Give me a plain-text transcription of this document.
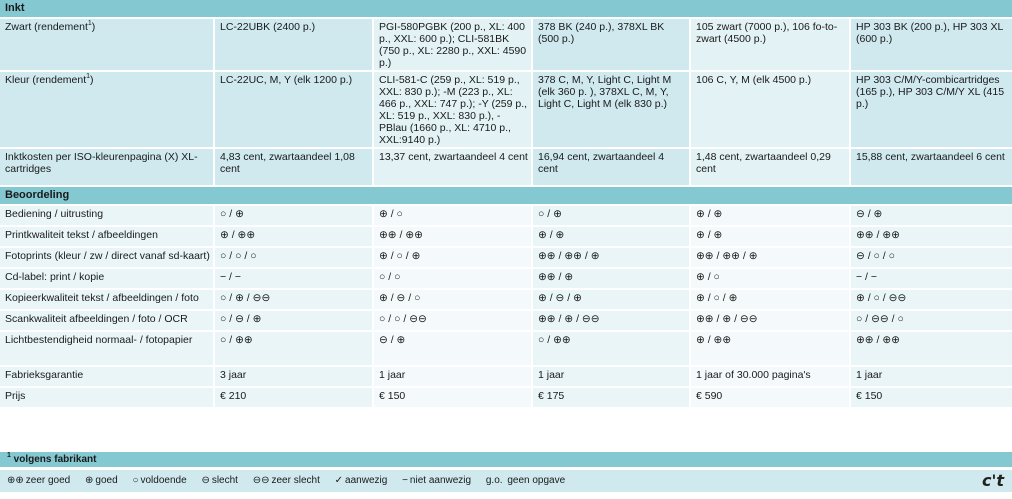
Inkt					
Zwart (rendement$^1$)	LC-22UBK (2400 p.)	PGI-580PGBK (200 p., XL: 400 p., XXL: 600 p.); CLI-581BK (750 p., XL: 2280 p., XXL: 4590 p.)	378 BK (240 p.), 378XL BK (500 p.)	105 zwart (7000 p.), 106 fo-to-zwart (4500 p.)	HP 303 BK (200 p.), HP 303 XL (600 p.)
Kleur (rendement$^1$)	LC-22UC, M, Y (elk 1200 p.)	CLI-581-C (259 p., XL: 519 p., XXL: 830 p.); -M (223 p., XL: 466 p., XXL: 747 p.); -Y (259 p., XL: 519 p., XXL: 830 p.), -PBlau (1660 p., XL: 4710 p., XXL:9140 p.)	378 C, M, Y, Light C, Light M (elk 360 p. ), 378XL C, M, Y, Light C, Light M (elk 830 p.)	106 C, Y, M (elk 4500 p.)	HP 303 C/M/Y-combicartridges (165 p.), HP 303 C/M/Y XL (415 p.)
Inktkosten per ISO-kleurenpagina (X) XL-cartridges	4,83 cent, zwartaandeel 1,08 cent	13,37 cent, zwartaandeel 4 cent	16,94 cent, zwartaandeel 4 cent	1,48 cent, zwartaandeel 0,29 cent	15,88 cent, zwartaandeel 6 cent
Beoordeling					
Bediening / uitrusting	○ / ⊕	⊕ / ○	○ / ⊕	⊕ / ⊕	⊖ / ⊕
Printkwaliteit tekst / afbeeldingen	⊕ / ⊕⊕	⊕⊕ / ⊕⊕	⊕ / ⊕	⊕ / ⊕	⊕⊕ / ⊕⊕
Fotoprints (kleur / zw / direct vanaf sd-kaart)	○ / ○ / ○	⊕ / ○ / ⊕	⊕⊕ / ⊕⊕ / ⊕	⊕⊕ / ⊕⊕ / ⊕	⊖ / ○ / ○
Cd-label: print / kopie	− / −	○ / ○	⊕⊕ / ⊕	⊕ / ○	− / −
Kopieerkwaliteit tekst / afbeeldingen / foto	○ / ⊕ / ⊖⊖	⊕ / ⊖ / ○	⊕ / ⊖ / ⊕	⊕ / ○ / ⊕	⊕ / ○ / ⊖⊖
Scankwaliteit afbeeldingen / foto / OCR	○ / ⊖ / ⊕	○ / ○ / ⊖⊖	⊕⊕ / ⊕ / ⊖⊖	⊕⊕ / ⊕ / ⊖⊖	○ / ⊖⊖ / ○
Lichtbestendigheid normaal- / fotopapier	○ / ⊕⊕	⊖ / ⊕	○ / ⊕⊕	⊕ / ⊕⊕	⊕⊕ / ⊕⊕
Fabrieksgarantie	3 jaar	1 jaar	1 jaar	1 jaar of 30.000 pagina's	1 jaar
Prijs	€ 210	€ 150	€ 175	€ 590	€ 150
$^1$ volgens fabrikant
⊕⊕ zeer goed ⊕ goed ○ voldoende ⊖ slecht ⊖⊖ zeer slecht ✓ aanwezig − niet aanwezig g.o. geen opgave	c't
